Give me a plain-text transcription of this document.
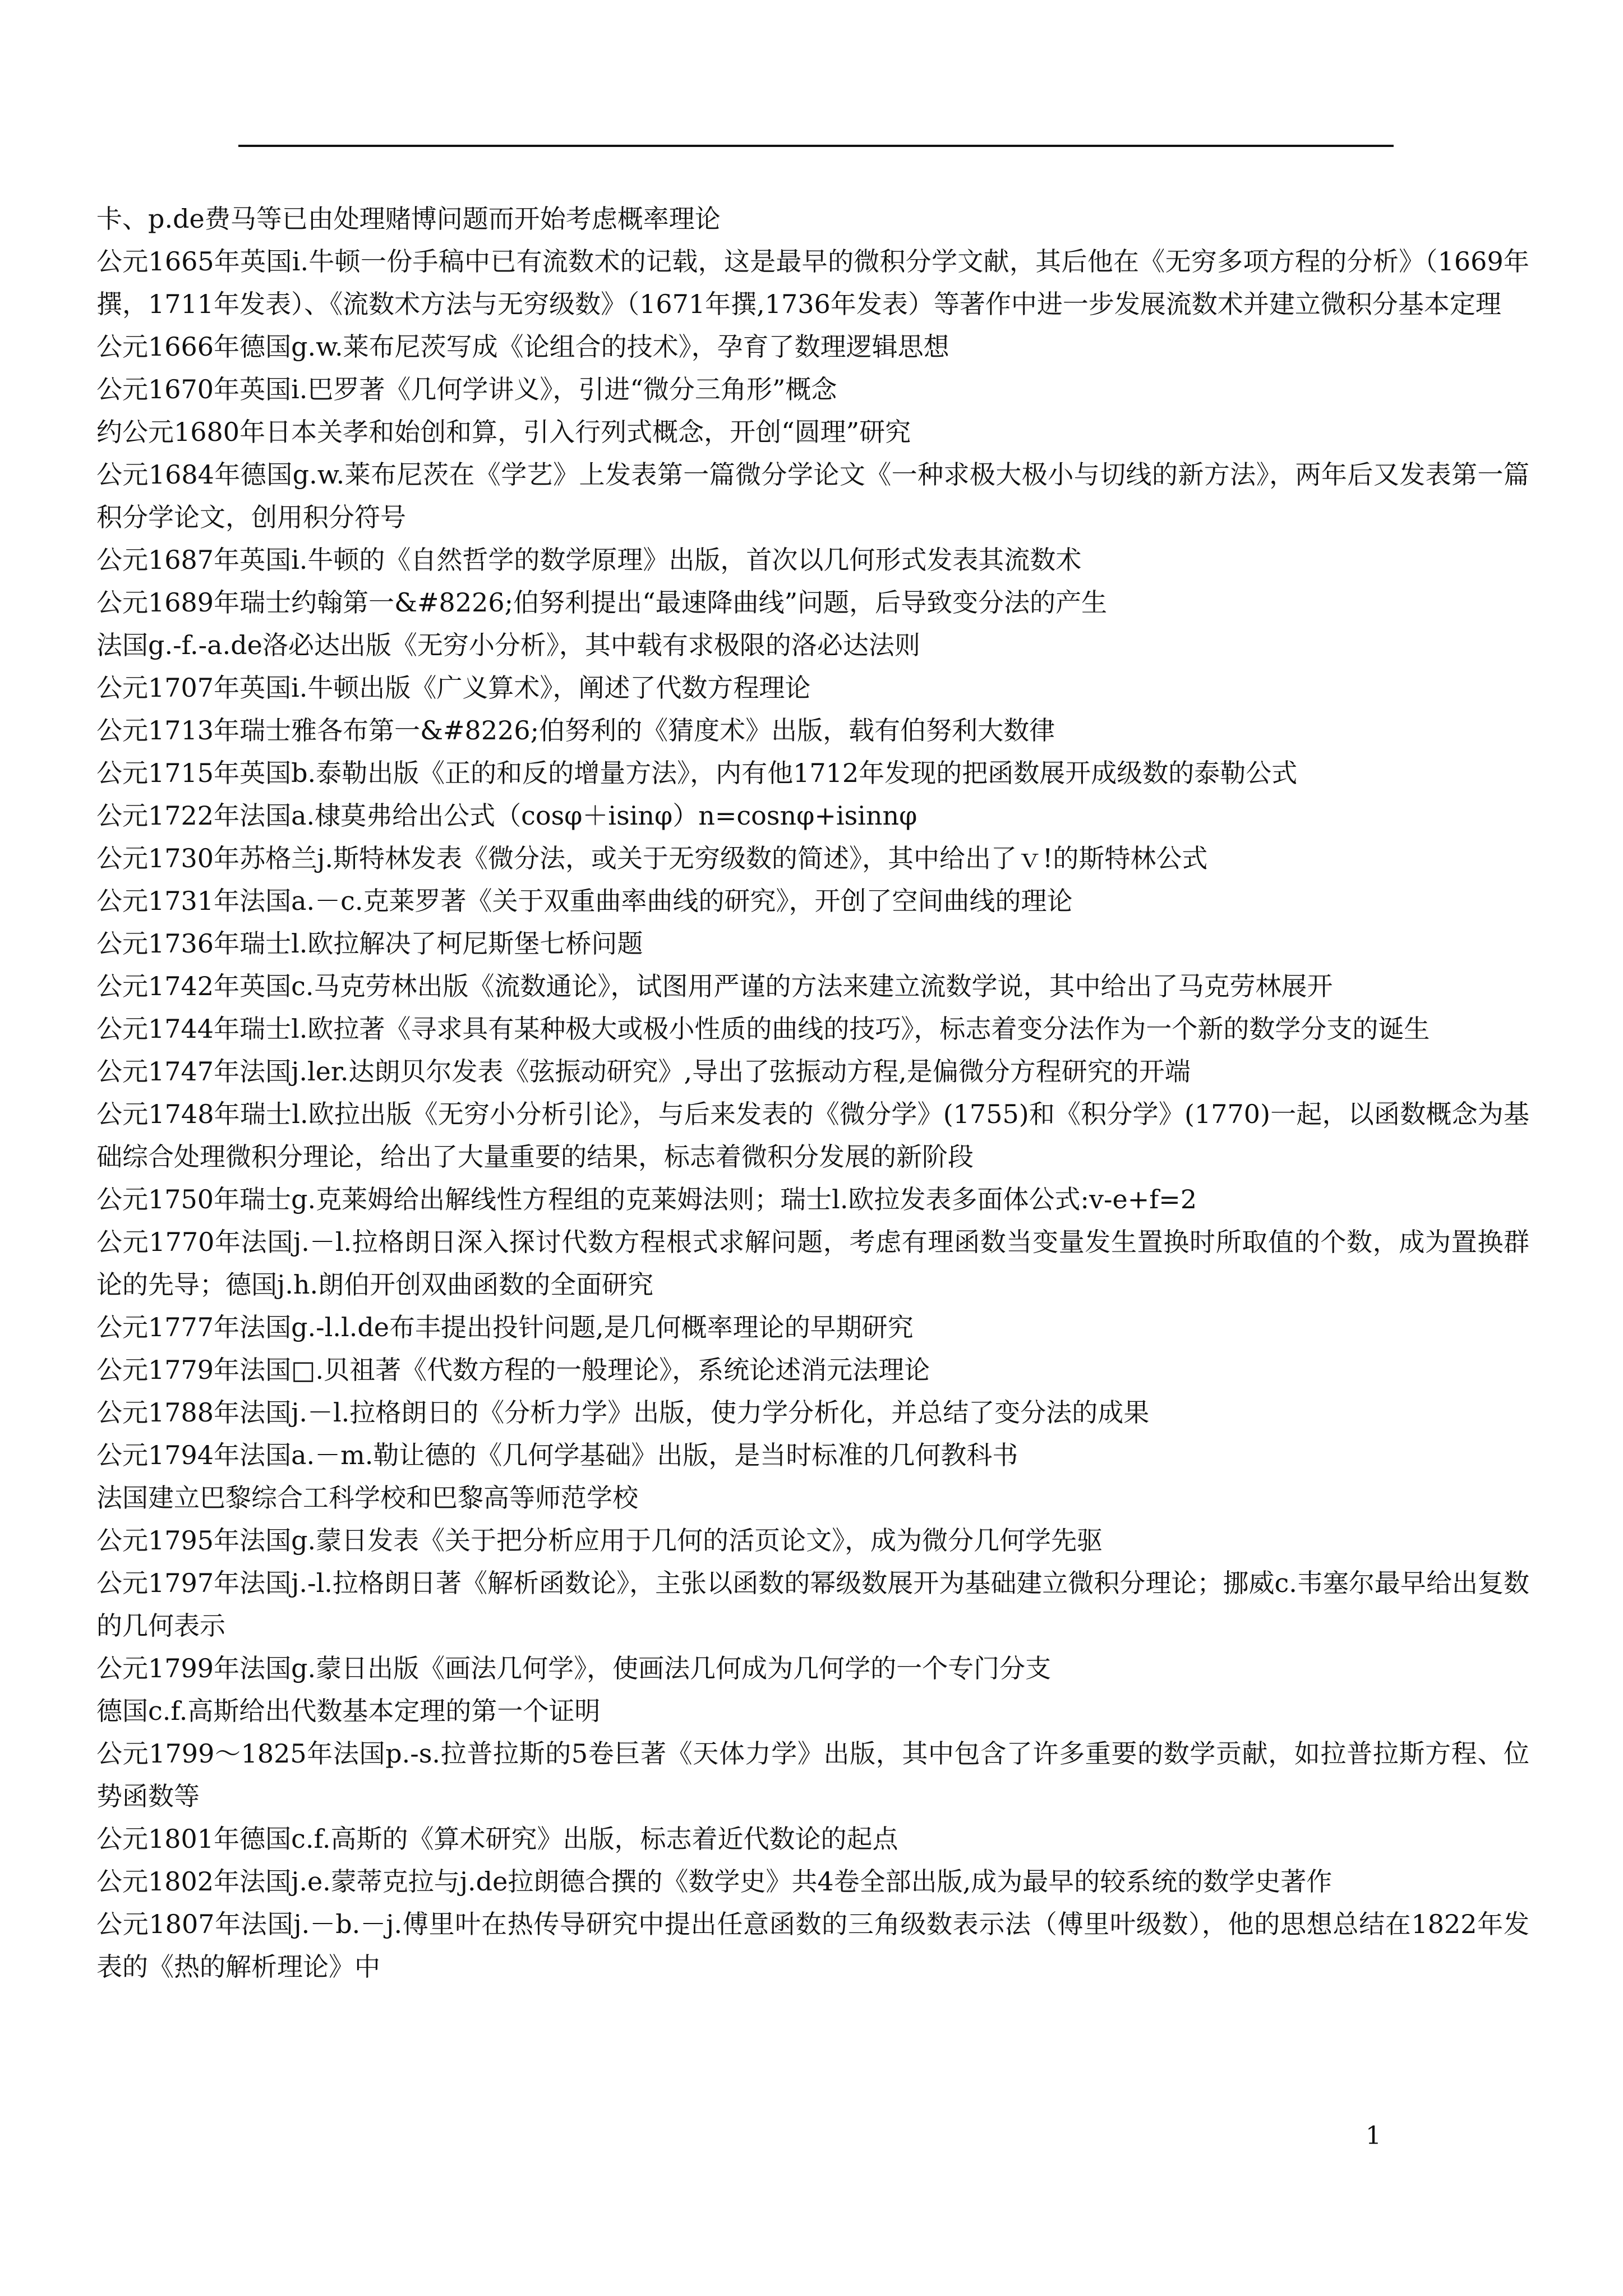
卡、p.de费马等已由处理赌博问题而开始考虑概率理论

公元1665年英国i.牛顿一份手稿中已有流数术的记载，这是最早的微积分学文献，其后他在《无穷多项方程的分析》（1669年撰，1711年发表）、《流数术方法与无穷级数》（1671年撰,1736年发表）等著作中进一步发展流数术并建立微积分基本定理

公元1666年德国g.w.莱布尼茨写成《论组合的技术》，孕育了数理逻辑思想

公元1670年英国i.巴罗著《几何学讲义》，引进“微分三角形”概念

约公元1680年日本关孝和始创和算，引入行列式概念，开创“圆理”研究

公元1684年德国g.w.莱布尼茨在《学艺》上发表第一篇微分学论文《一种求极大极小与切线的新方法》，两年后又发表第一篇积分学论文，创用积分符号

公元1687年英国i.牛顿的《自然哲学的数学原理》出版，首次以几何形式发表其流数术

公元1689年瑞士约翰第一&#8226;伯努利提出“最速降曲线”问题，后导致变分法的产生

法国g.-f.-a.de洛必达出版《无穷小分析》，其中载有求极限的洛必达法则

公元1707年英国i.牛顿出版《广义算术》，阐述了代数方程理论

公元1713年瑞士雅各布第一&#8226;伯努利的《猜度术》出版，载有伯努利大数律

公元1715年英国b.泰勒出版《正的和反的增量方法》，内有他1712年发现的把函数展开成级数的泰勒公式

公元1722年法国a.棣莫弗给出公式（cosφ＋isinφ）n=cosnφ+isinnφ

公元1730年苏格兰j.斯特林发表《微分法，或关于无穷级数的简述》，其中给出了ｖ!的斯特林公式

公元1731年法国a.－c.克莱罗著《关于双重曲率曲线的研究》，开创了空间曲线的理论

公元1736年瑞士l.欧拉解决了柯尼斯堡七桥问题

公元1742年英国c.马克劳林出版《流数通论》，试图用严谨的方法来建立流数学说，其中给出了马克劳林展开

公元1744年瑞士l.欧拉著《寻求具有某种极大或极小性质的曲线的技巧》，标志着变分法作为一个新的数学分支的诞生

公元1747年法国j.ler.达朗贝尔发表《弦振动研究》,导出了弦振动方程,是偏微分方程研究的开端

公元1748年瑞士l.欧拉出版《无穷小分析引论》，与后来发表的《微分学》(1755)和《积分学》(1770)一起，以函数概念为基础综合处理微积分理论，给出了大量重要的结果，标志着微积分发展的新阶段

公元1750年瑞士g.克莱姆给出解线性方程组的克莱姆法则；瑞士l.欧拉发表多面体公式:v-e+f=2

公元1770年法国j.－l.拉格朗日深入探讨代数方程根式求解问题，考虑有理函数当变量发生置换时所取值的个数，成为置换群论的先导；德国j.h.朗伯开创双曲函数的全面研究

公元1777年法国g.-l.l.de布丰提出投针问题,是几何概率理论的早期研究

公元1779年法国□.贝祖著《代数方程的一般理论》，系统论述消元法理论

公元1788年法国j.－l.拉格朗日的《分析力学》出版，使力学分析化，并总结了变分法的成果

公元1794年法国a.－m.勒让德的《几何学基础》出版，是当时标准的几何教科书

法国建立巴黎综合工科学校和巴黎高等师范学校

公元1795年法国g.蒙日发表《关于把分析应用于几何的活页论文》，成为微分几何学先驱

公元1797年法国j.-l.拉格朗日著《解析函数论》，主张以函数的幂级数展开为基础建立微积分理论；挪威c.韦塞尔最早给出复数的几何表示

公元1799年法国g.蒙日出版《画法几何学》，使画法几何成为几何学的一个专门分支

德国c.f.高斯给出代数基本定理的第一个证明

公元1799～1825年法国p.-s.拉普拉斯的5卷巨著《天体力学》出版，其中包含了许多重要的数学贡献，如拉普拉斯方程、位势函数等

公元1801年德国c.f.高斯的《算术研究》出版，标志着近代数论的起点

公元1802年法国j.e.蒙蒂克拉与j.de拉朗德合撰的《数学史》共4卷全部出版,成为最早的较系统的数学史著作

公元1807年法国j.－b.－j.傅里叶在热传导研究中提出任意函数的三角级数表示法（傅里叶级数），他的思想总结在1822年发表的《热的解析理论》中

1
